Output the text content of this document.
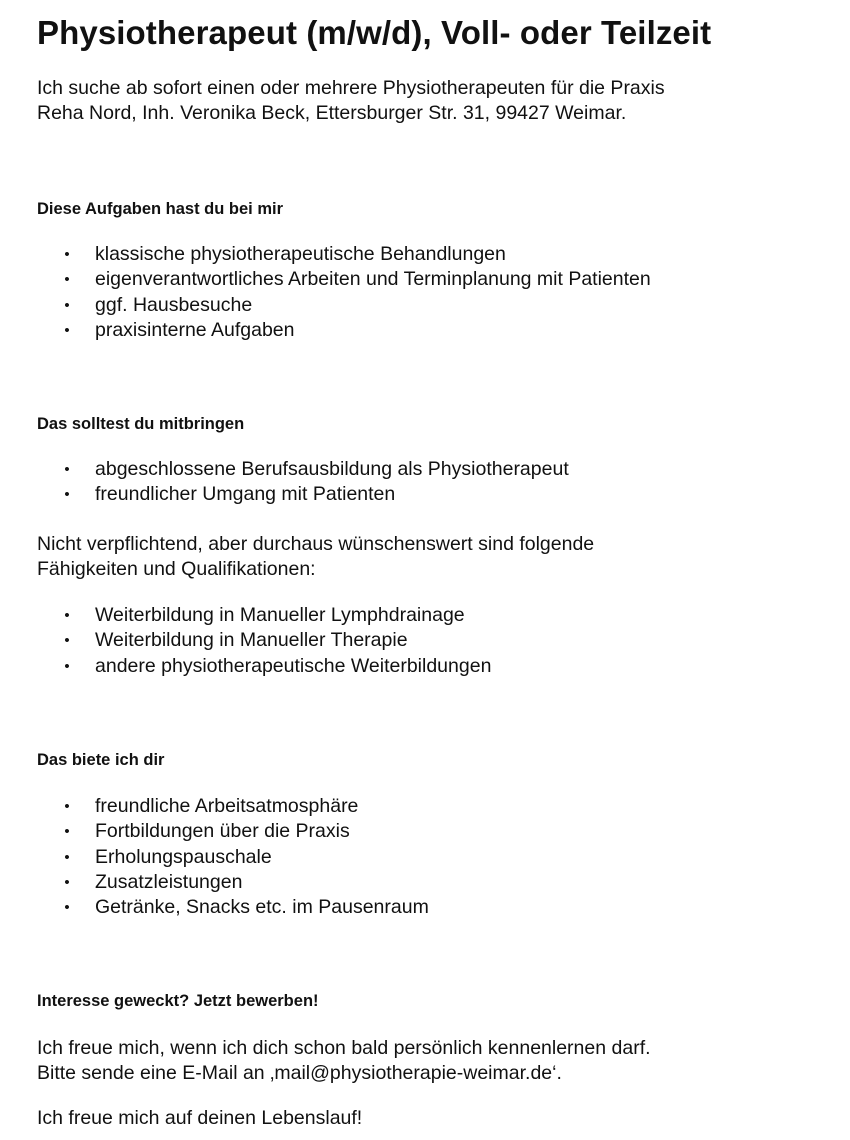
Physiotherapeut (m/w/d), Voll- oder Teilzeit
Ich suche ab sofort einen oder mehrere Physiotherapeuten für die Praxis
Reha Nord, Inh. Veronika Beck, Ettersburger Str. 31, 99427 Weimar.
Diese Aufgaben hast du bei mir
• klassische physiotherapeutische Behandlungen
• eigenverantwortliches Arbeiten und Terminplanung mit Patienten
• ggf. Hausbesuche
• praxisinterne Aufgaben
Das solltest du mitbringen
• abgeschlossene Berufsausbildung als Physiotherapeut
• freundlicher Umgang mit Patienten
Nicht verpflichtend, aber durchaus wünschenswert sind folgende
Fähigkeiten und Qualifikationen:
• Weiterbildung in Manueller Lymphdrainage
• Weiterbildung in Manueller Therapie
• andere physiotherapeutische Weiterbildungen
Das biete ich dir
• freundliche Arbeitsatmosphäre
• Fortbildungen über die Praxis
• Erholungspauschale
• Zusatzleistungen
• Getränke, Snacks etc. im Pausenraum
Interesse geweckt? Jetzt bewerben!
Ich freue mich, wenn ich dich schon bald persönlich kennenlernen darf.
Bitte sende eine E-Mail an ‚mail@physiotherapie-weimar.de‘.
Ich freue mich auf deinen Lebenslauf!
